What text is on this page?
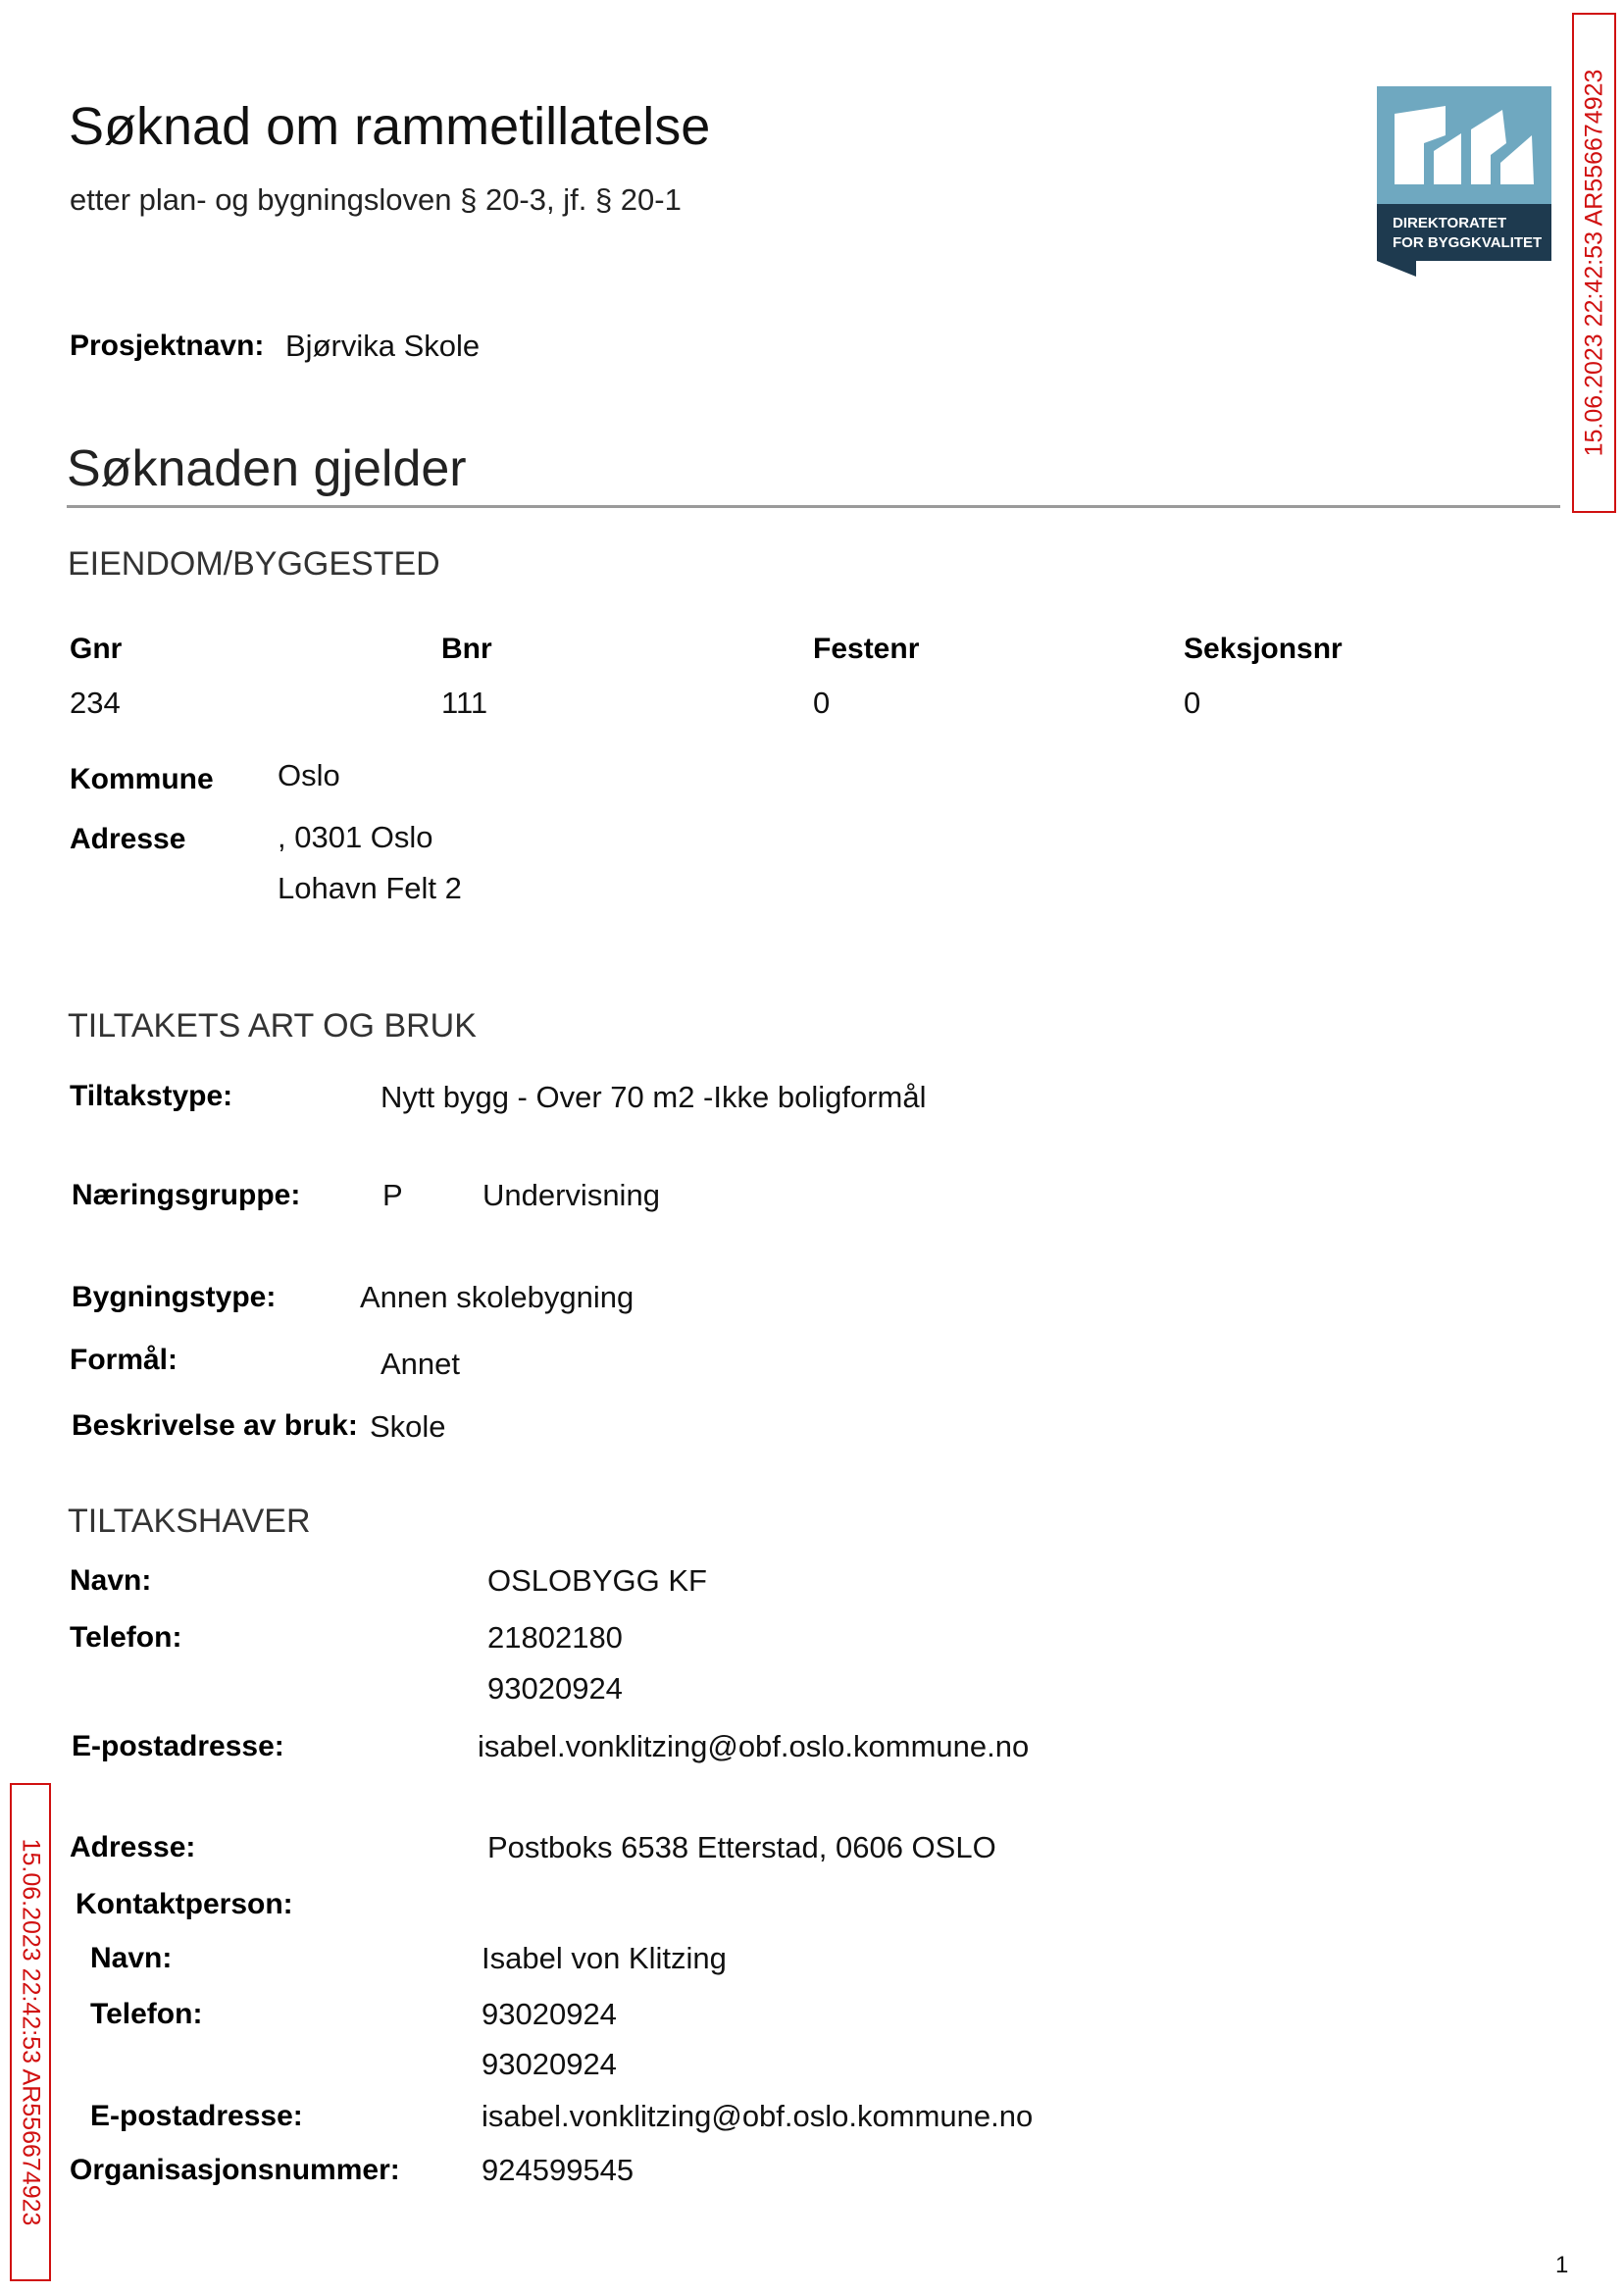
Søknad om rammetillatelse
etter plan- og bygningsloven § 20-3, jf. § 20-1
DIREKTORATET
FOR BYGGKVALITET 15.06.2023 22:42:53 AR556674923
15.06.2023 22:42:53 AR556674923
Prosjektnavn: Bjørvika Skole
Søknaden gjelder
EIENDOM/BYGGESTED
Gnr	Bnr	Festenr	Seksjonsnr
234	111	0	0
Kommune Oslo
Adresse	, 0301 Oslo
Lohavn Felt 2
TILTAKETS ART OG BRUK
Tiltakstype:	Nytt bygg - Over 70 m2 -Ikke boligformål
Næringsgruppe:	P	Undervisning
Bygningstype:	Annen skolebygning
Formål:	Annet
Beskrivelse av bruk: Skole
TILTAKSHAVER
Navn:	OSLOBYGG KF
Telefon:	21802180
93020924
E-postadresse:	isabel.vonklitzing@obf.oslo.kommune.no
Adresse:	Postboks 6538 Etterstad, 0606 OSLO
Kontaktperson:
Navn:	Isabel von Klitzing
Telefon:	93020924
93020924
E-postadresse:	isabel.vonklitzing@obf.oslo.kommune.no
Organisasjonsnummer:	924599545
1
